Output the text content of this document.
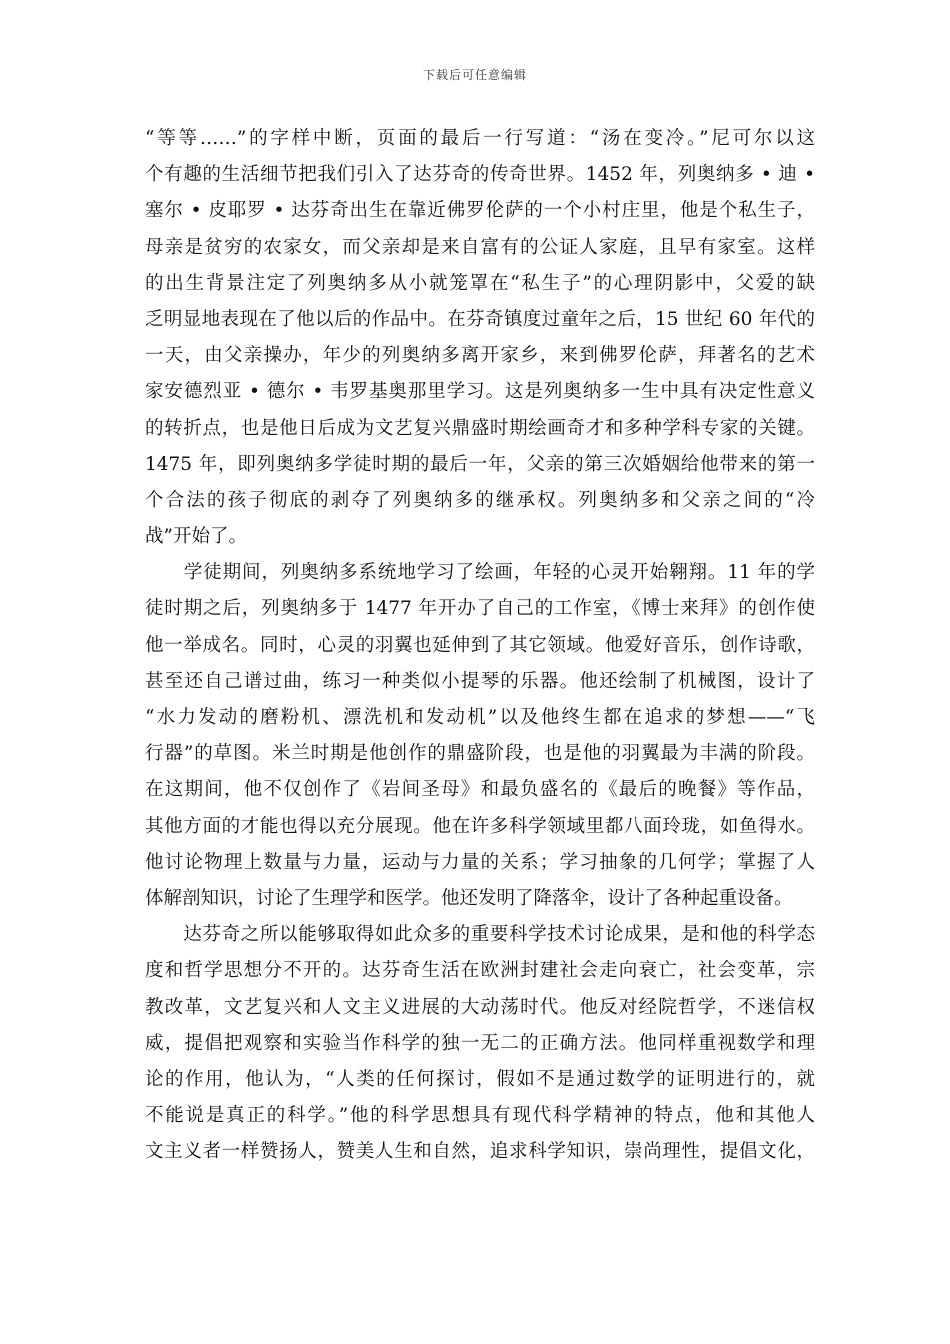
下载后可任意编辑
“等等……”的字样中断，页面的最后一行写道：“汤在变冷。”尼可尔以这
个有趣的生活细节把我们引入了达芬奇的传奇世界。1452 年，列奥纳多 • 迪 •
塞尔 • 皮耶罗 • 达芬奇出生在靠近佛罗伦萨的一个小村庄里，他是个私生子，
母亲是贫穷的农家女，而父亲却是来自富有的公证人家庭，且早有家室。这样
的出生背景注定了列奥纳多从小就笼罩在“私生子”的心理阴影中，父爱的缺
乏明显地表现在了他以后的作品中。在芬奇镇度过童年之后，15 世纪 60 年代的
一天，由父亲操办，年少的列奥纳多离开家乡，来到佛罗伦萨，拜著名的艺术
家安德烈亚 • 德尔 • 韦罗基奥那里学习。这是列奥纳多一生中具有决定性意义
的转折点，也是他日后成为文艺复兴鼎盛时期绘画奇才和多种学科专家的关键。
1475 年，即列奥纳多学徒时期的最后一年，父亲的第三次婚姻给他带来的第一
个合法的孩子彻底的剥夺了列奥纳多的继承权。列奥纳多和父亲之间的“冷
战”开始了。
　　学徒期间，列奥纳多系统地学习了绘画，年轻的心灵开始翱翔。11 年的学
徒时期之后，列奥纳多于 1477 年开办了自己的工作室，《博士来拜》的创作使
他一举成名。同时，心灵的羽翼也延伸到了其它领域。他爱好音乐，创作诗歌，
甚至还自己谱过曲，练习一种类似小提琴的乐器。他还绘制了机械图，设计了
“水力发动的磨粉机、漂洗机和发动机”以及他终生都在追求的梦想——“飞
行器”的草图。米兰时期是他创作的鼎盛阶段，也是他的羽翼最为丰满的阶段。
在这期间，他不仅创作了《岩间圣母》和最负盛名的《最后的晚餐》等作品，
其他方面的才能也得以充分展现。他在许多科学领域里都八面玲珑，如鱼得水。
他讨论物理上数量与力量，运动与力量的关系；学习抽象的几何学；掌握了人
体解剖知识，讨论了生理学和医学。他还发明了降落伞，设计了各种起重设备。
　　达芬奇之所以能够取得如此众多的重要科学技术讨论成果，是和他的科学态
度和哲学思想分不开的。达芬奇生活在欧洲封建社会走向衰亡，社会变革，宗
教改革，文艺复兴和人文主义进展的大动荡时代。他反对经院哲学，不迷信权
威，提倡把观察和实验当作科学的独一无二的正确方法。他同样重视数学和理
论的作用，他认为，“人类的任何探讨，假如不是通过数学的证明进行的，就
不能说是真正的科学。”他的科学思想具有现代科学精神的特点，他和其他人
文主义者一样赞扬人，赞美人生和自然，追求科学知识，崇尚理性，提倡文化，
